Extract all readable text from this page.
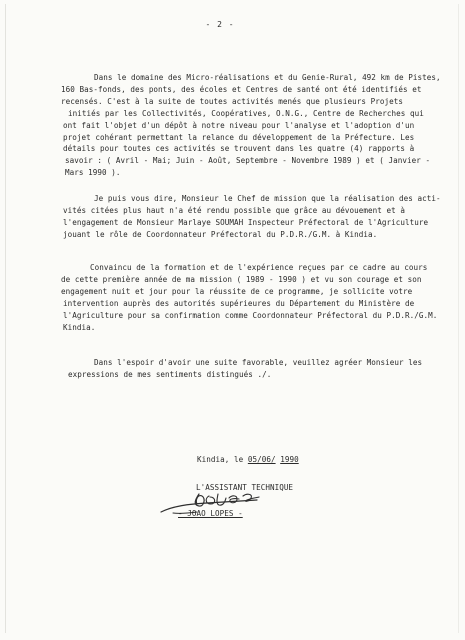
- 2 -
Dans le domaine des Micro-réalisations et du Genie-Rural, 492 km de Pistes,
160 Bas-fonds, des ponts, des écoles et Centres de santé ont été identifiés et
recensés. C'est à la suite de toutes activités menés que plusieurs Projets
initiés par les Collectivités, Coopératives, O.N.G., Centre de Recherches qui
ont fait l'objet d'un dépôt à notre niveau pour l'analyse et l'adoption d'un
projet cohérant permettant la relance du développement de la Préfecture. Les
détails pour toutes ces activités se trouvent dans les quatre (4) rapports à
savoir : ( Avril - Mai; Juin - Août, Septembre - Novembre 1989 ) et ( Janvier -
Mars 1990 ).
Je puis vous dire, Monsieur le Chef de mission que la réalisation des acti-
vités citées plus haut n'a été rendu possible que grâce au dévouement et à
l'engagement de Monsieur Marlaye SOUMAH Inspecteur Préfectoral de l'Agriculture
jouant le rôle de Coordonnateur Préfectoral du P.D.R./G.M. à Kindia.
Convaincu de la formation et de l'expérience reçues par ce cadre au cours
de cette première année de ma mission ( 1989 - 1990 ) et vu son courage et son
engagement nuit et jour pour la réussite de ce programme, je sollicite votre
intervention auprès des autorités supérieures du Département du Ministère de
l'Agriculture pour sa confirmation comme Coordonnateur Préfectoral du P.D.R./G.M.
Kindia.
Dans l'espoir d'avoir une suite favorable, veuillez agréer Monsieur les
expressions de mes sentiments distingués ./.
Kindia, le 05/06/ 1990
L'ASSISTANT TECHNIQUE
- JOAO LOPES -
